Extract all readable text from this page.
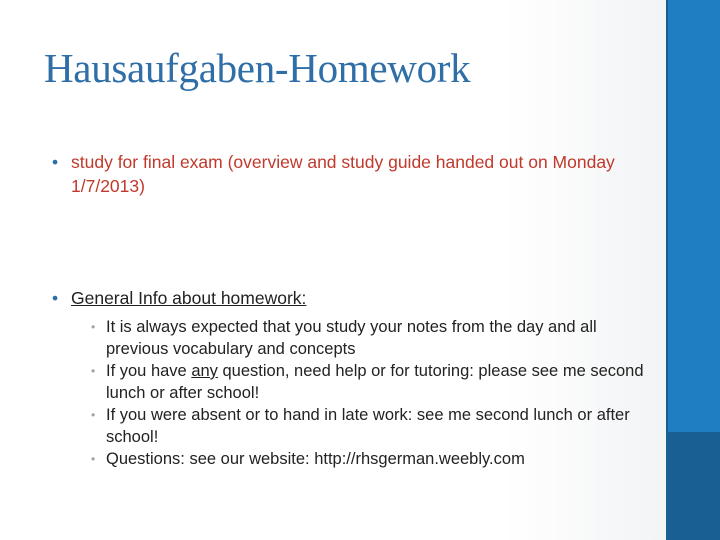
Hausaufgaben-Homework
• study for final exam (overview and study guide handed out on Monday 1/7/2013)
• General Info about homework:
• It is always expected that you study your notes from the day and all previous vocabulary and concepts
• If you have any question, need help or for tutoring: please see me second lunch or after school!
• If you were absent or to hand in late work: see me second lunch or after school!
• Questions: see our website: http://rhsgerman.weebly.com
